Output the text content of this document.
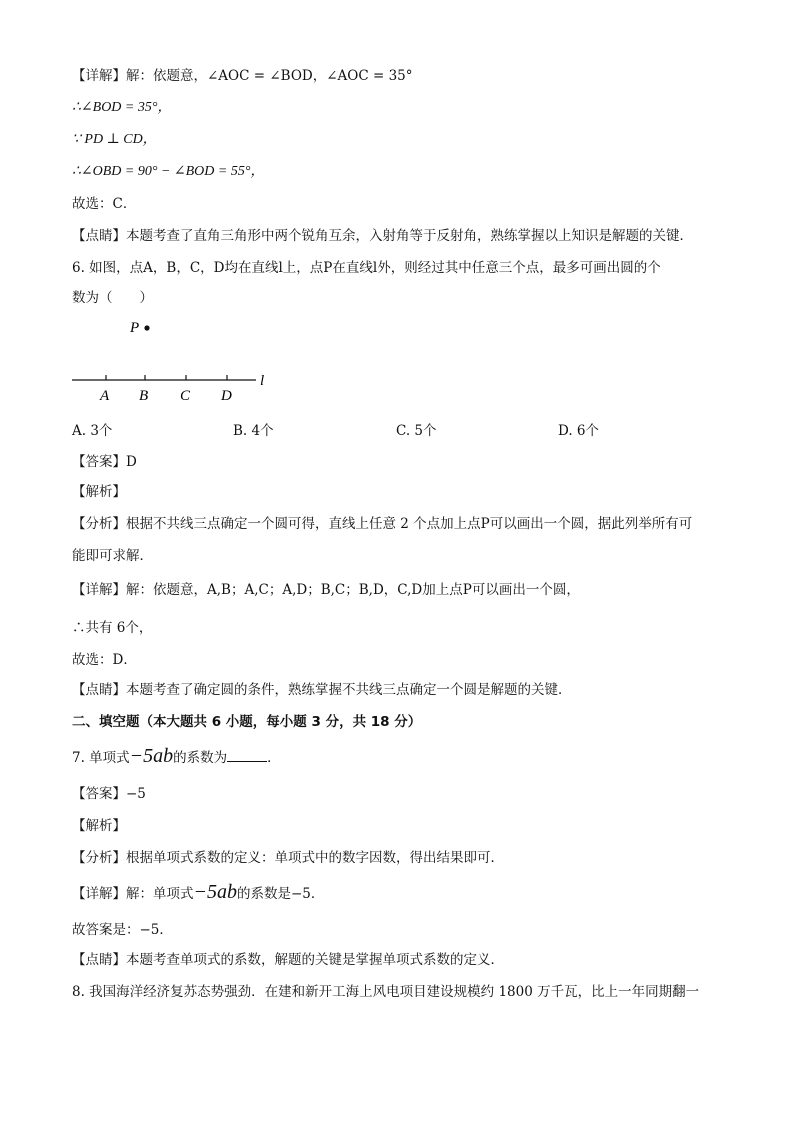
【详解】解：依题意，∠AOC = ∠BOD，∠AOC = 35°
∴∠BOD = 35°，
∵ PD ⊥ CD，
∴∠OBD = 90° − ∠BOD = 55°，
故选：C．
【点睛】本题考查了直角三角形中两个锐角互余，入射角等于反射角，熟练掌握以上知识是解题的关键．
6. 如图，点A，B，C，D均在直线l上，点P在直线l外，则经过其中任意三个点，最多可画出圆的个
数为（　　）
P
l
A B C D
A. 3个	B. 4个	C. 5个	D. 6个
【答案】D
【解析】
【分析】根据不共线三点确定一个圆可得，直线上任意 2 个点加上点P可以画出一个圆，据此列举所有可
能即可求解．
【详解】解：依题意，A,B；A,C；A,D；B,C；B,D，C,D加上点P可以画出一个圆，
∴共有 6个，
故选：D．
【点睛】本题考查了确定圆的条件，熟练掌握不共线三点确定一个圆是解题的关键．
二、填空题（本大题共 6 小题，每小题 3 分，共 18 分）
7. 单项式−5ab的系数为	．
【答案】−5
【解析】
【分析】根据单项式系数的定义：单项式中的数字因数，得出结果即可．
【详解】解：单项式−5ab的系数是−5．
故答案是：−5．
【点睛】本题考查单项式的系数，解题的关键是掌握单项式系数的定义．
8. 我国海洋经济复苏态势强劲．在建和新开工海上风电项目建设规模约 1800 万千瓦，比上一年同期翻一
